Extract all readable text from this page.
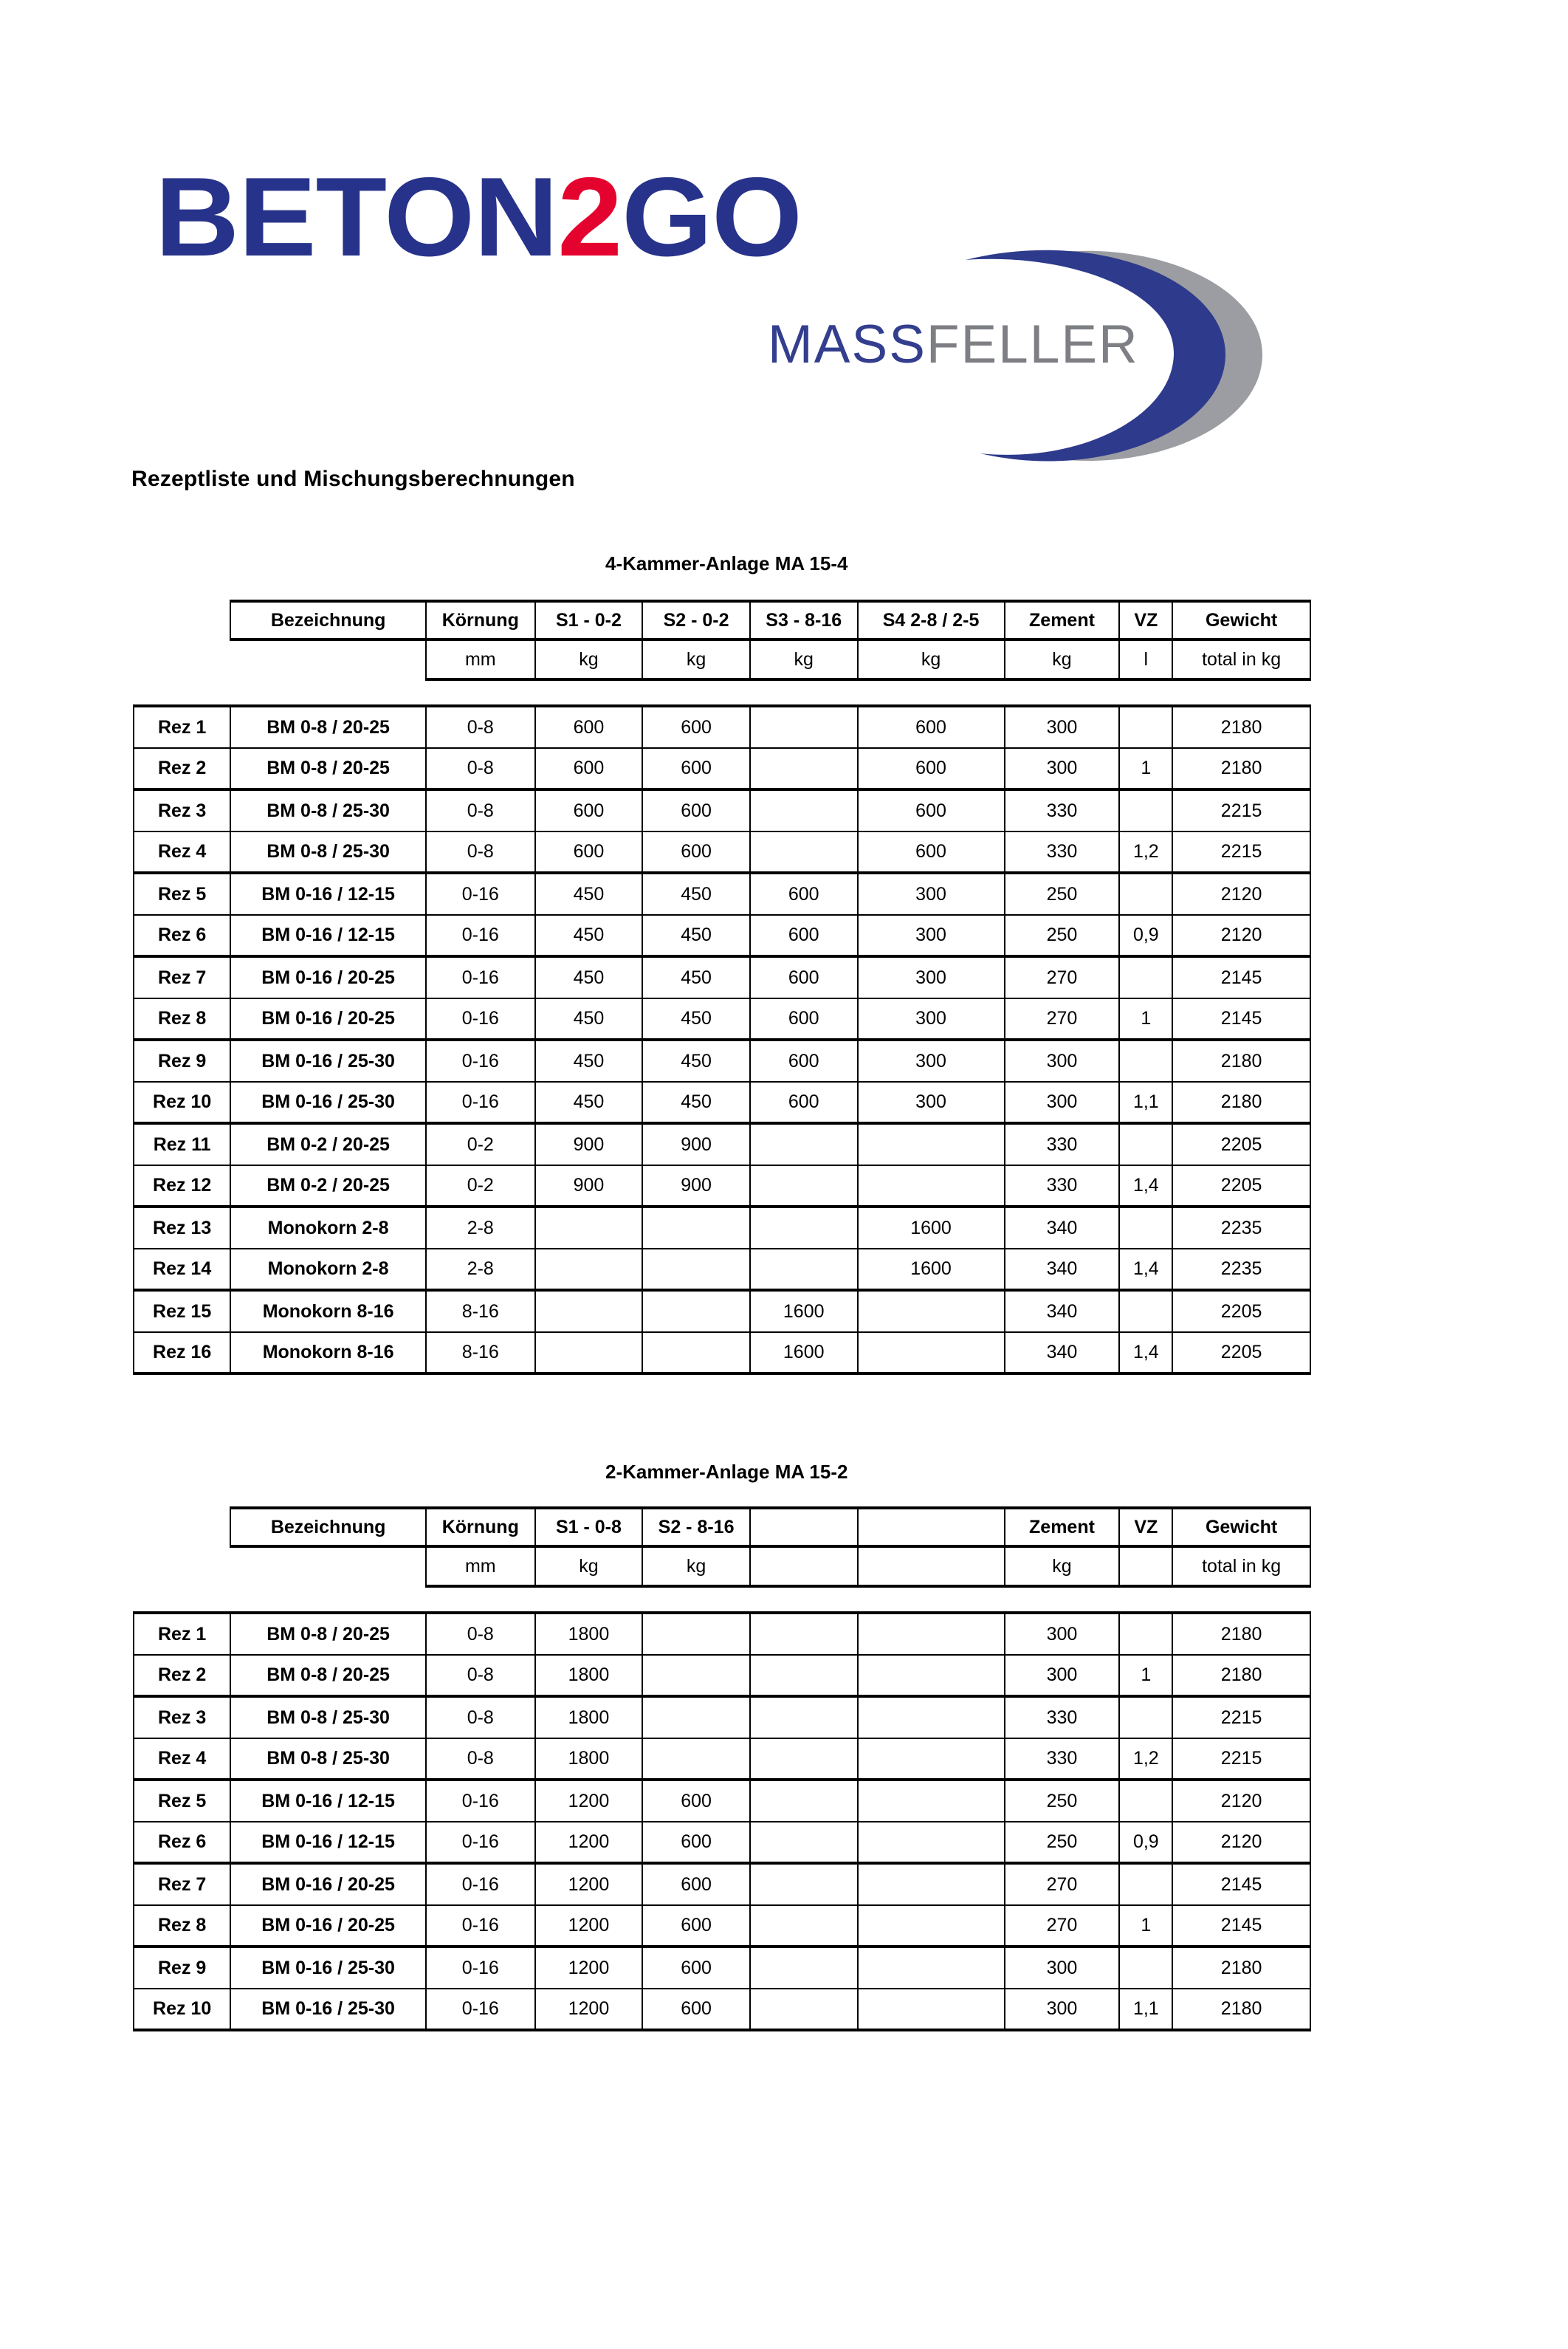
BETON2GO
MASSFELLER
Rezeptliste und Mischungsberechnungen
4-Kammer-Anlage MA 15-4
2-Kammer-Anlage MA 15-2
	Bezeichnung	Körnung	S1 - 0-2	S2 - 0-2	S3 - 8-16	S4 2-8 / 2-5	Zement	VZ	Gewicht
		mm	kg	kg	kg	kg	kg	l	total in kg

Rez 1	BM 0-8 / 20-25	0-8	600	600		600	300		2180
Rez 2	BM 0-8 / 20-25	0-8	600	600		600	300	1	2180
Rez 3	BM 0-8 / 25-30	0-8	600	600		600	330		2215
Rez 4	BM 0-8 / 25-30	0-8	600	600		600	330	1,2	2215
Rez 5	BM 0-16 / 12-15	0-16	450	450	600	300	250		2120
Rez 6	BM 0-16 / 12-15	0-16	450	450	600	300	250	0,9	2120
Rez 7	BM 0-16 / 20-25	0-16	450	450	600	300	270		2145
Rez 8	BM 0-16 / 20-25	0-16	450	450	600	300	270	1	2145
Rez 9	BM 0-16 / 25-30	0-16	450	450	600	300	300		2180
Rez 10	BM 0-16 / 25-30	0-16	450	450	600	300	300	1,1	2180
Rez 11	BM 0-2 / 20-25	0-2	900	900			330		2205
Rez 12	BM 0-2 / 20-25	0-2	900	900			330	1,4	2205
Rez 13	Monokorn 2-8	2-8				1600	340		2235
Rez 14	Monokorn 2-8	2-8				1600	340	1,4	2235
Rez 15	Monokorn 8-16	8-16			1600		340		2205
Rez 16	Monokorn 8-16	8-16			1600		340	1,4	2205
	Bezeichnung	Körnung	S1 - 0-8	S2 - 8-16			Zement	VZ	Gewicht
		mm	kg	kg			kg		total in kg

Rez 1	BM 0-8 / 20-25	0-8	1800				300		2180
Rez 2	BM 0-8 / 20-25	0-8	1800				300	1	2180
Rez 3	BM 0-8 / 25-30	0-8	1800				330		2215
Rez 4	BM 0-8 / 25-30	0-8	1800				330	1,2	2215
Rez 5	BM 0-16 / 12-15	0-16	1200	600			250		2120
Rez 6	BM 0-16 / 12-15	0-16	1200	600			250	0,9	2120
Rez 7	BM 0-16 / 20-25	0-16	1200	600			270		2145
Rez 8	BM 0-16 / 20-25	0-16	1200	600			270	1	2145
Rez 9	BM 0-16 / 25-30	0-16	1200	600			300		2180
Rez 10	BM 0-16 / 25-30	0-16	1200	600			300	1,1	2180
